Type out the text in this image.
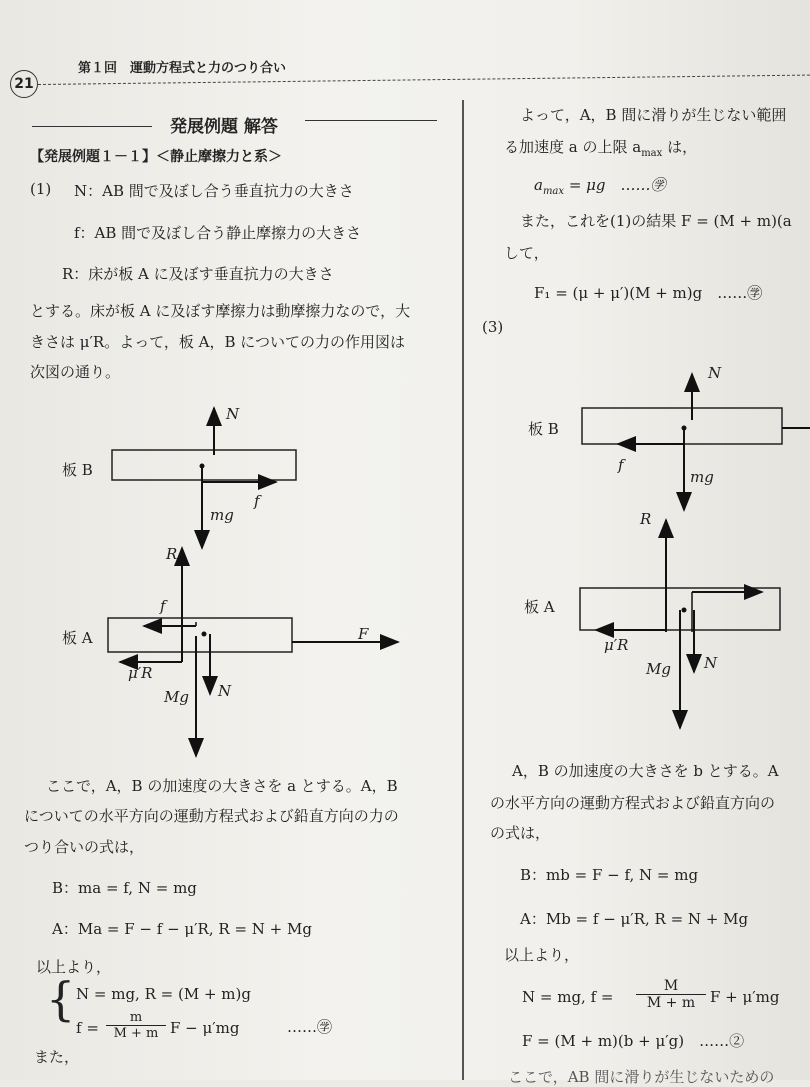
21
第１回　運動方程式と力のつり合い
発展例題 解答
【発展例題１－１】＜静止摩擦力と系＞
(1) N：AB 間で及ぼし合う垂直抗力の大きさ
f：AB 間で及ぼし合う静止摩擦力の大きさ
R：床が板 A に及ぼす垂直抗力の大きさ
とする。床が板 A に及ぼす摩擦力は動摩擦力なので，大
きさは μ′R。よって，板 A，B についての力の作用図は
次図の通り。
板 B
板 A
N
mg
f
R
f
F
μ′R
Mg N
ここで，A，B の加速度の大きさを a とする。A，B
についての水平方向の運動方程式および鉛直方向の力の
つり合いの式は，
B：ma = f, N = mg
A：Ma = F − f − μ′R, R = N + Mg
以上より，
{ N = mg, R = (M + m)g
$f = \frac{m}{M + m}$ F − μ′mg	……㊫
また，
よって，A，B 間に滑りが生じない範囲
る加速度 a の上限 $a_{max}$ は，
$a_{max} = \mu g$　……㊫
また，これを(1)の結果 F = (M + m)(a
して，
F₁ = (μ + μ′)(M + m)g　……㊫
(3)
板 B
板 A
N
f
mg
R
μ′R
Mg N
A，B の加速度の大きさを b とする。A
の水平方向の運動方程式および鉛直方向の
の式は，
B：mb = F − f, N = mg
A：Mb = f − μ′R, R = N + Mg
以上より，
N = mg, $f = \frac{M}{M + m}$ F + μ′mg
F = (M + m)(b + μ′g)　……②
ここで，AB 間に滑りが生じないための
